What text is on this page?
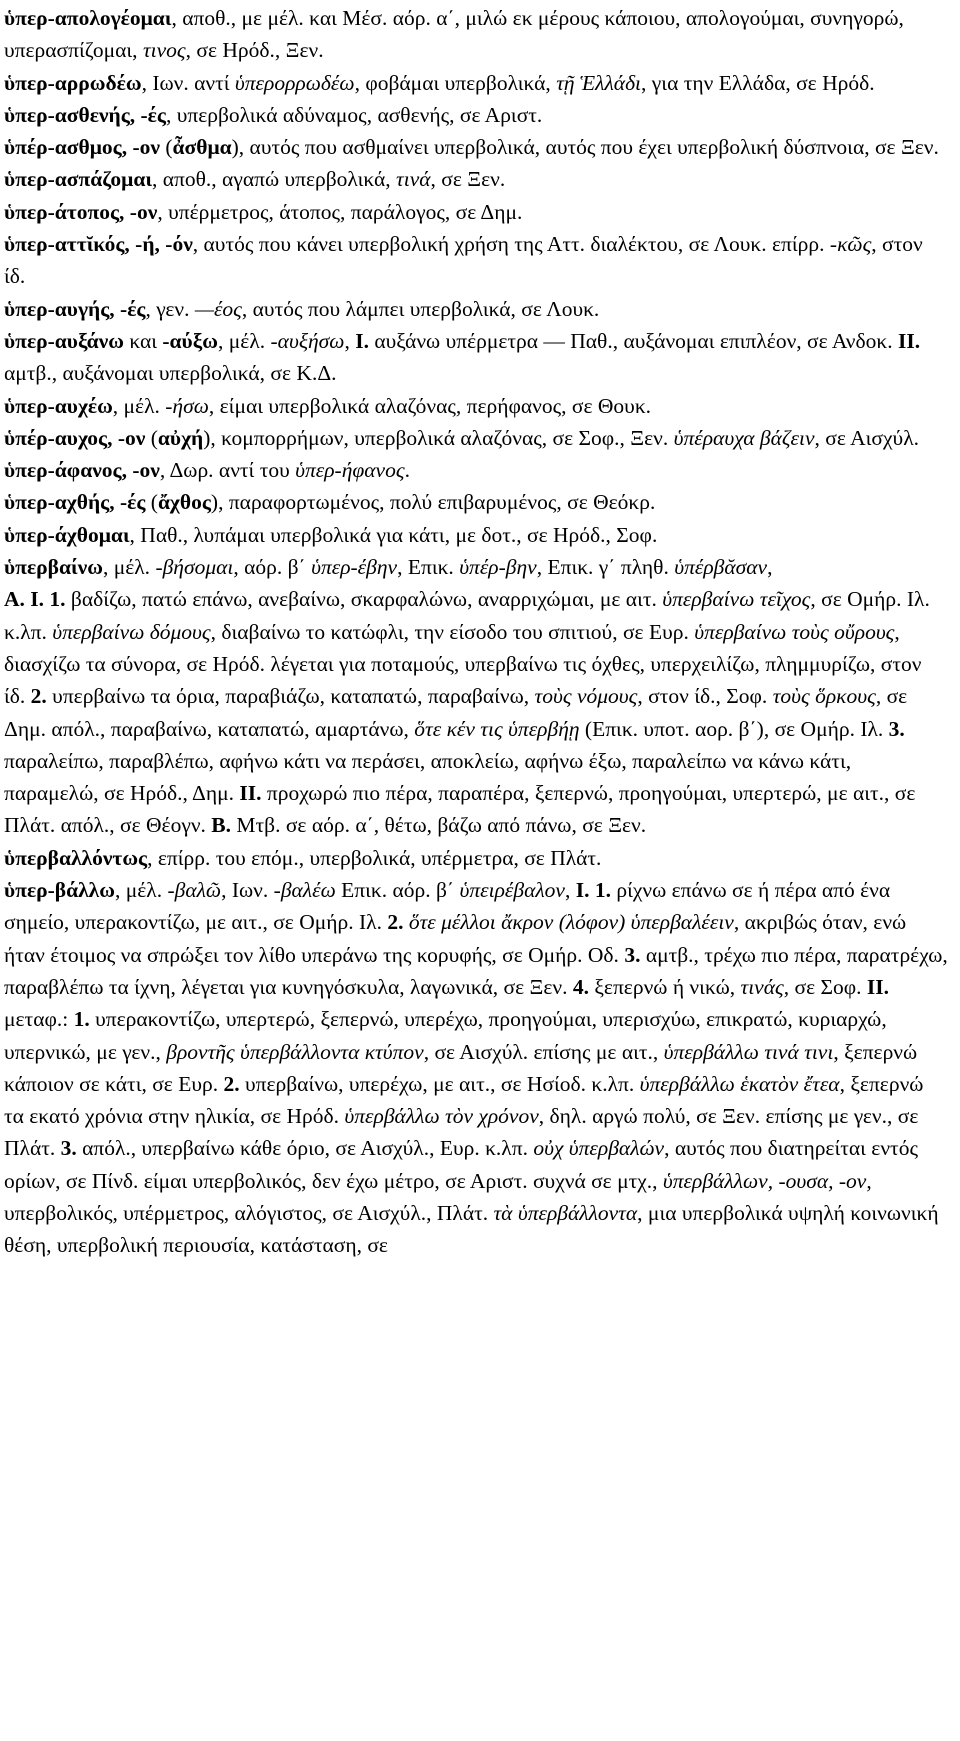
ὑπερ-απολογέομαι, αποθ., με μέλ. και Μέσ. αόρ. α΄, μιλώ εκ μέρους κάποιου, απολογούμαι, συνηγορώ, υπερασπίζομαι, τινος, σε Ηρόδ., Ξεν.

ὑπερ-αρρωδέω, Ιων. αντί ὑπερορρωδέω, φοβάμαι υπερβολικά, τῇ Ἑλλάδι, για την Ελλάδα, σε Ηρόδ.

ὑπερ-ασθενής, -ές, υπερβολικά αδύναμος, ασθενής, σε Αριστ.

ὑπέρ-ασθμος, -ον (ἆσθμα), αυτός που ασθμαίνει υπερβολικά, αυτός που έχει υπερβολική δύσπνοια, σε Ξεν.

ὑπερ-ασπάζομαι, αποθ., αγαπώ υπερβολικά, τινά, σε Ξεν.

ὑπερ-άτοπος, -ον, υπέρμετρος, άτοπος, παράλογος, σε Δημ.

ὑπερ-αττῐκός, -ή, -όν, αυτός που κάνει υπερβολική χρήση της Αττ. διαλέκτου, σε Λουκ. επίρρ. -κῶς, στον ίδ.

ὑπερ-αυγής, -ές, γεν. —έος, αυτός που λάμπει υπερβολικά, σε Λουκ.

ὑπερ-αυξάνω και -αύξω, μέλ. -αυξήσω, I. αυξάνω υπέρμετρα — Παθ., αυξάνομαι επιπλέον, σε Ανδοκ. II. αμτβ., αυξάνομαι υπερβολικά, σε Κ.Δ.

ὑπερ-αυχέω, μέλ. -ήσω, είμαι υπερβολικά αλαζόνας, περήφανος, σε Θουκ.

ὑπέρ-αυχος, -ον (αὐχή), κομπορρήμων, υπερβολικά αλαζόνας, σε Σοφ., Ξεν. ὑπέραυχα βάζειν, σε Αισχύλ.

ὑπερ-άφανος, -ον, Δωρ. αντί του ὑπερ-ήφανος.

ὑπερ-αχθής, -ές (ἄχθος), παραφορτωμένος, πολύ επιβαρυμένος, σε Θεόκρ.

ὑπερ-άχθομαι, Παθ., λυπάμαι υπερβολικά για κάτι, με δοτ., σε Ηρόδ., Σοφ.

ὑπερβαίνω, μέλ. -βήσομαι, αόρ. β΄ ὑπερ-έβην, Επικ. ὑπέρ-βην, Επικ. γ΄ πληθ. ὑπέρβᾰσαν,
Α. I. 1. βαδίζω, πατώ επάνω, ανεβαίνω, σκαρφαλώνω, αναρριχώμαι, με αιτ. ὑπερβαίνω τεῖχος, σε Ομήρ. Ιλ. κ.λπ. ὑπερβαίνω δόμους, διαβαίνω το κατώφλι, την είσοδο του σπιτιού, σε Ευρ. ὑπερβαίνω τοὺς οὔρους, διασχίζω τα σύνορα, σε Ηρόδ. λέγεται για ποταμούς, υπερβαίνω τις όχθες, υπερχειλίζω, πλημμυρίζω, στον ίδ. 2. υπερβαίνω τα όρια, παραβιάζω, καταπατώ, παραβαίνω, τοὺς νόμους, στον ίδ., Σοφ. τοὺς ὅρκους, σε Δημ. απόλ., παραβαίνω, καταπατώ, αμαρτάνω, ὅτε κέν τις ὑπερβήῃ (Επικ. υποτ. αορ. β΄), σε Ομήρ. Ιλ. 3. παραλείπω, παραβλέπω, αφήνω κάτι να περάσει, αποκλείω, αφήνω έξω, παραλείπω να κάνω κάτι, παραμελώ, σε Ηρόδ., Δημ. II. προχωρώ πιο πέρα, παραπέρα, ξεπερνώ, προηγούμαι, υπερτερώ, με αιτ., σε Πλάτ. απόλ., σε Θέογν. Β. Μτβ. σε αόρ. α΄, θέτω, βάζω από πάνω, σε Ξεν.

ὑπερβαλλόντως, επίρρ. του επόμ., υπερβολικά, υπέρμετρα, σε Πλάτ.

ὑπερ-βάλλω, μέλ. -βαλῶ, Ιων. -βαλέω Επικ. αόρ. β΄ ὑπειρέβαλον, I. 1. ρίχνω επάνω σε ή πέρα από ένα σημείο, υπερακοντίζω, με αιτ., σε Ομήρ. Ιλ. 2. ὅτε μέλλοι ἄκρον (λόφον) ὑπερβαλέειν, ακριβώς όταν, ενώ ήταν έτοιμος να σπρώξει τον λίθο υπεράνω της κορυφής, σε Ομήρ. Οδ. 3. αμτβ., τρέχω πιο πέρα, παρατρέχω, παραβλέπω τα ίχνη, λέγεται για κυνηγόσκυλα, λαγωνικά, σε Ξεν. 4. ξεπερνώ ή νικώ, τινάς, σε Σοφ. II. μεταφ.: 1. υπερακοντίζω, υπερτερώ, ξεπερνώ, υπερέχω, προηγούμαι, υπερισχύω, επικρατώ, κυριαρχώ, υπερνικώ, με γεν., βροντῆς ὑπερβάλλοντα κτύπον, σε Αισχύλ. επίσης με αιτ., ὑπερβάλλω τινά τινι, ξεπερνώ κάποιον σε κάτι, σε Ευρ. 2. υπερβαίνω, υπερέχω, με αιτ., σε Ησίοδ. κ.λπ. ὑπερβάλλω ἑκατὸν ἔτεα, ξεπερνώ τα εκατό χρόνια στην ηλικία, σε Ηρόδ. ὑπερβάλλω τὸν χρόνον, δηλ. αργώ πολύ, σε Ξεν. επίσης με γεν., σε Πλάτ. 3. απόλ., υπερβαίνω κάθε όριο, σε Αισχύλ., Ευρ. κ.λπ. οὐχ ὑπερβαλών, αυτός που διατηρείται εντός ορίων, σε Πίνδ. είμαι υπερβολικός, δεν έχω μέτρο, σε Αριστ. συχνά σε μτχ., ὑπερβάλλων, -ουσα, -ον, υπερβολικός, υπέρμετρος, αλόγιστος, σε Αισχύλ., Πλάτ. τὰ ὑπερβάλλοντα, μια υπερβολικά υψηλή κοινωνική θέση, υπερβολική περιουσία, κατάσταση, σε
